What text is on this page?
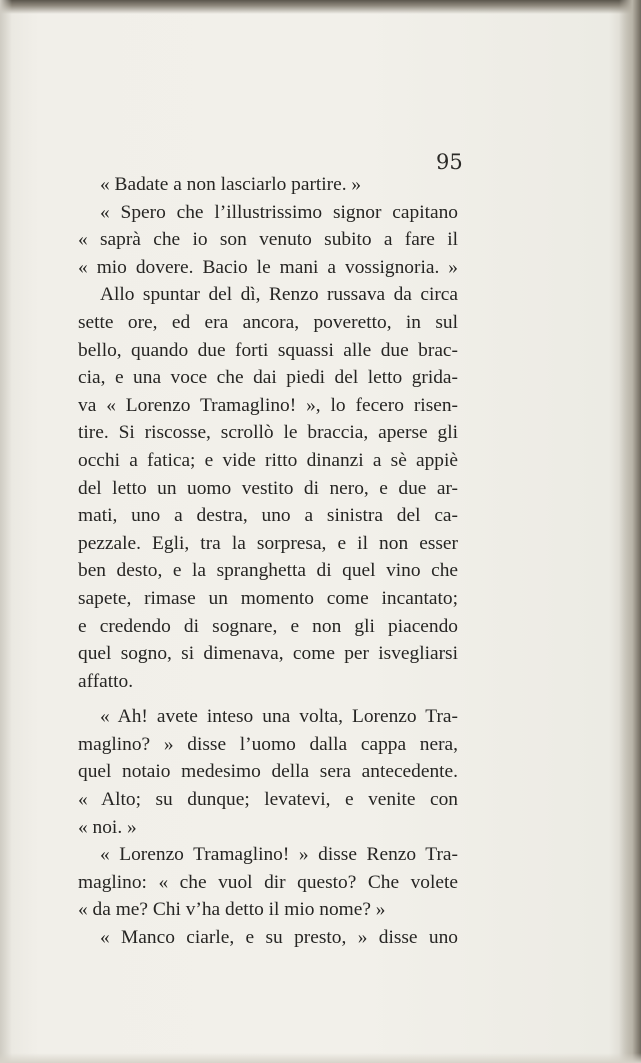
95
« Badate a non lasciarlo partire. »
« Spero che l’illustrissimo signor capitano
« saprà che io son venuto subito a fare il
« mio dovere. Bacio le mani a vossignoria. »
Allo spuntar del dì, Renzo russava da circa
sette ore, ed era ancora, poveretto, in sul
bello, quando due forti squassi alle due brac-
cia, e una voce che dai piedi del letto grida-
va « Lorenzo Tramaglino! », lo fecero risen-
tire. Si riscosse, scrollò le braccia, aperse gli
occhi a fatica; e vide ritto dinanzi a sè appiè
del letto un uomo vestito di nero, e due ar-
mati, uno a destra, uno a sinistra del ca-
pezzale. Egli, tra la sorpresa, e il non esser
ben desto, e la spranghetta di quel vino che
sapete, rimase un momento come incantato;
e credendo di sognare, e non gli piacendo
quel sogno, si dimenava, come per isvegliarsi
affatto.
« Ah! avete inteso una volta, Lorenzo Tra-
maglino? » disse l’uomo dalla cappa nera,
quel notaio medesimo della sera antecedente.
« Alto; su dunque; levatevi, e venite con
« noi. »
« Lorenzo Tramaglino! » disse Renzo Tra-
maglino: « che vuol dir questo? Che volete
« da me? Chi v’ha detto il mio nome? »
« Manco ciarle, e su presto, » disse uno
